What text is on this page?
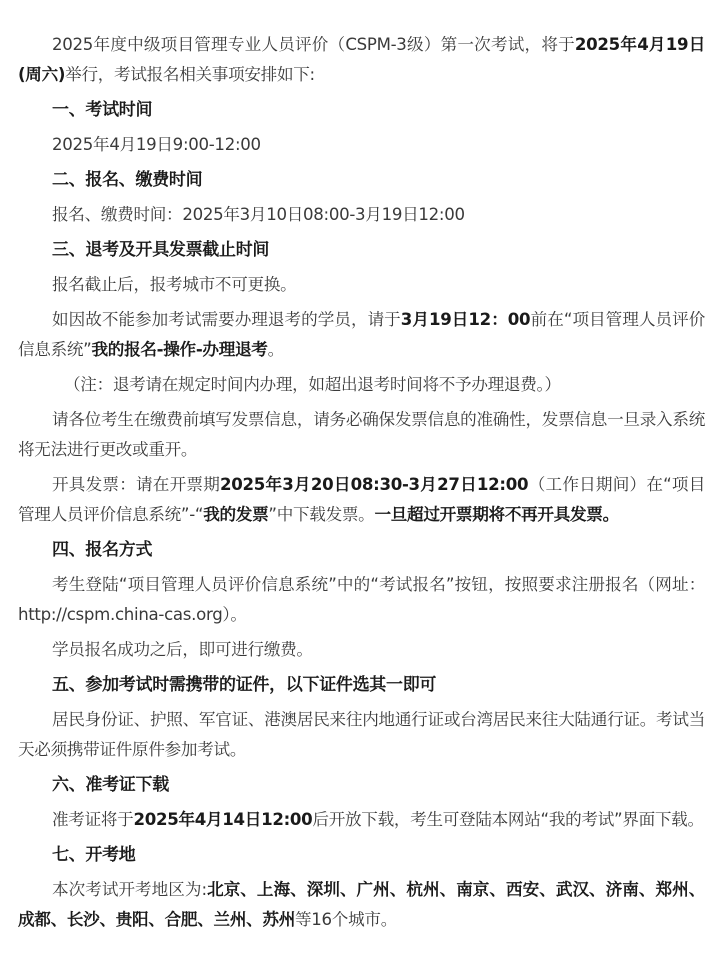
2025年度中级项目管理专业人员评价（CSPM-3级）第一次考试，将于2025年4月19日(周六)举行，考试报名相关事项安排如下:

一、考试时间

2025年4月19日9:00-12:00

二、报名、缴费时间

报名、缴费时间：2025年3月10日08:00-3月19日12:00

三、退考及开具发票截止时间

报名截止后，报考城市不可更换。

如因故不能参加考试需要办理退考的学员，请于3月19日12：00前在“项目管理人员评价信息系统”我的报名-操作-办理退考。

（注：退考请在规定时间内办理，如超出退考时间将不予办理退费。）

请各位考生在缴费前填写发票信息，请务必确保发票信息的准确性，发票信息一旦录入系统将无法进行更改或重开。

开具发票：请在开票期2025年3月20日08:30-3月27日12:00（工作日期间）在“项目管理人员评价信息系统”-“我的发票”中下载发票。一旦超过开票期将不再开具发票。

四、报名方式

考生登陆“项目管理人员评价信息系统”中的“考试报名”按钮，按照要求注册报名（网址：http://cspm.china-cas.org）。

学员报名成功之后，即可进行缴费。

五、参加考试时需携带的证件，以下证件选其一即可

居民身份证、护照、军官证、港澳居民来往内地通行证或台湾居民来往大陆通行证。考试当天必须携带证件原件参加考试。

六、准考证下载

准考证将于2025年4月14日12:00后开放下载，考生可登陆本网站“我的考试”界面下载。

七、开考地

本次考试开考地区为:北京、上海、深圳、广州、杭州、南京、西安、武汉、济南、郑州、成都、长沙、贵阳、合肥、兰州、苏州等16个城市。
